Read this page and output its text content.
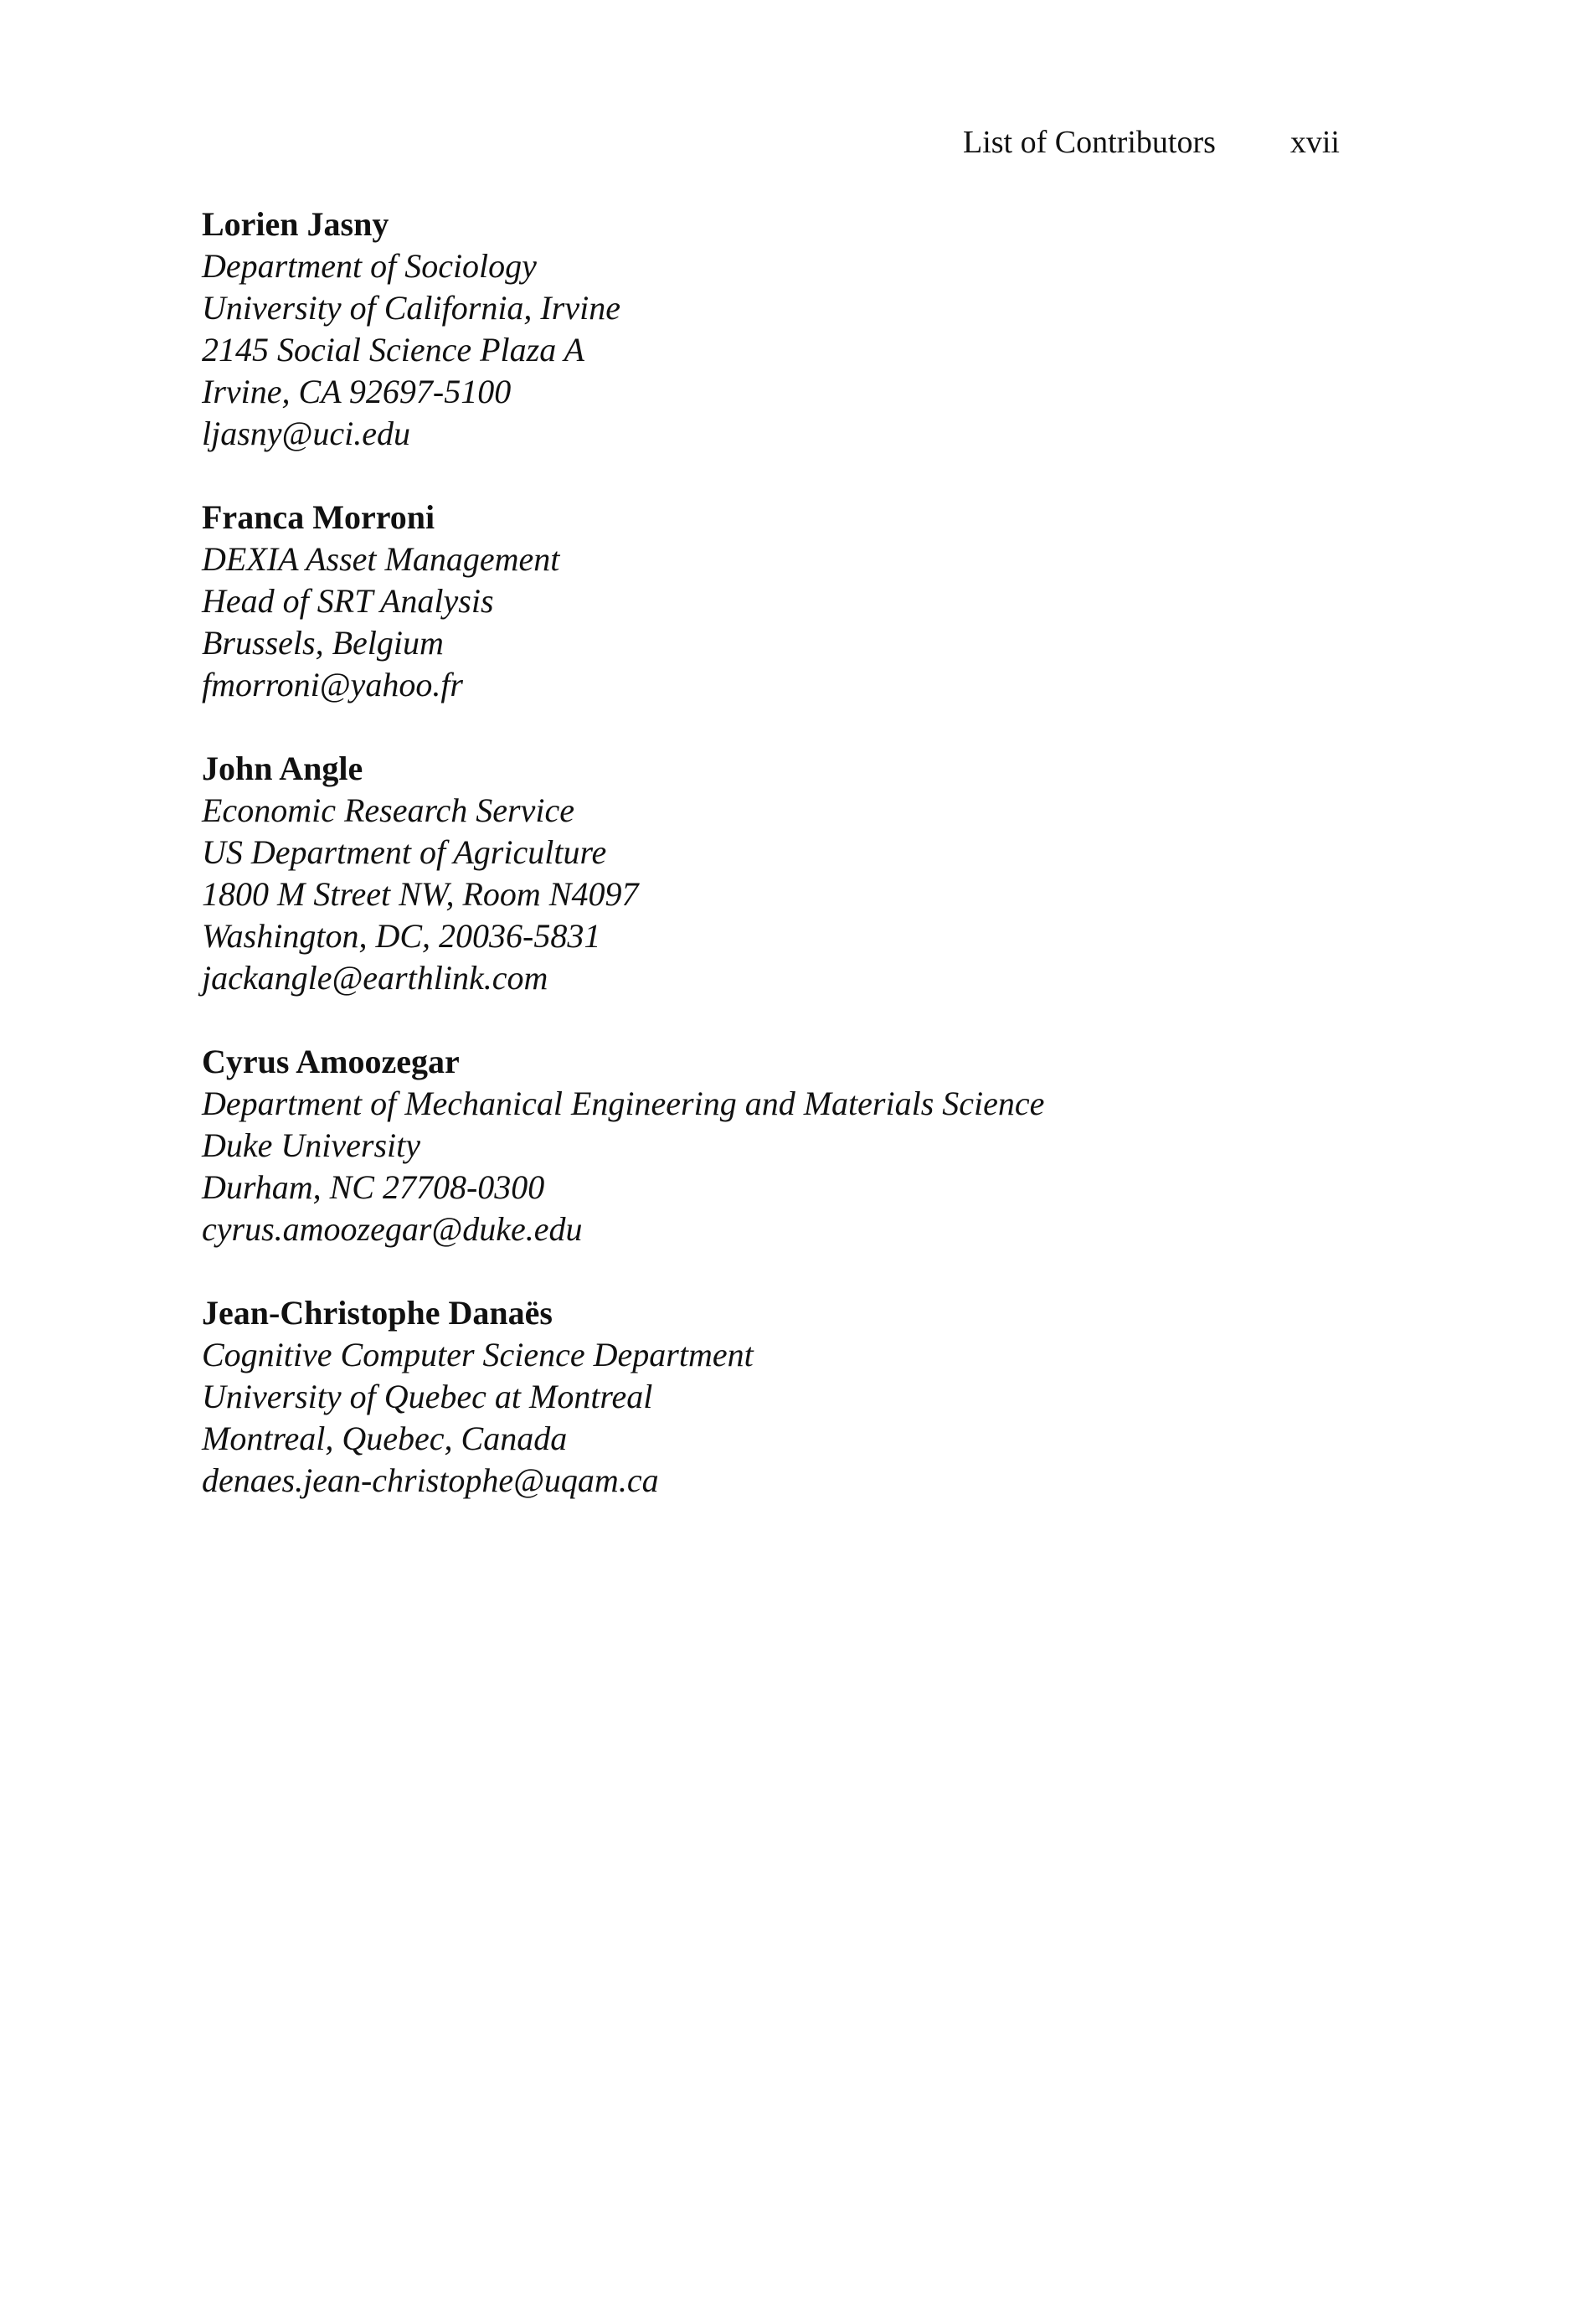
List of Contributors xvii
Lorien Jasny
Department of Sociology
University of California, Irvine
2145 Social Science Plaza A
Irvine, CA 92697-5100
ljasny@uci.edu
Franca Morroni
DEXIA Asset Management
Head of SRT Analysis
Brussels, Belgium
fmorroni@yahoo.fr
John Angle
Economic Research Service
US Department of Agriculture
1800 M Street NW, Room N4097
Washington, DC, 20036-5831
jackangle@earthlink.com
Cyrus Amoozegar
Department of Mechanical Engineering and Materials Science
Duke University
Durham, NC 27708-0300
cyrus.amoozegar@duke.edu
Jean-Christophe Danaës
Cognitive Computer Science Department
University of Quebec at Montreal
Montreal, Quebec, Canada
denaes.jean-christophe@uqam.ca
